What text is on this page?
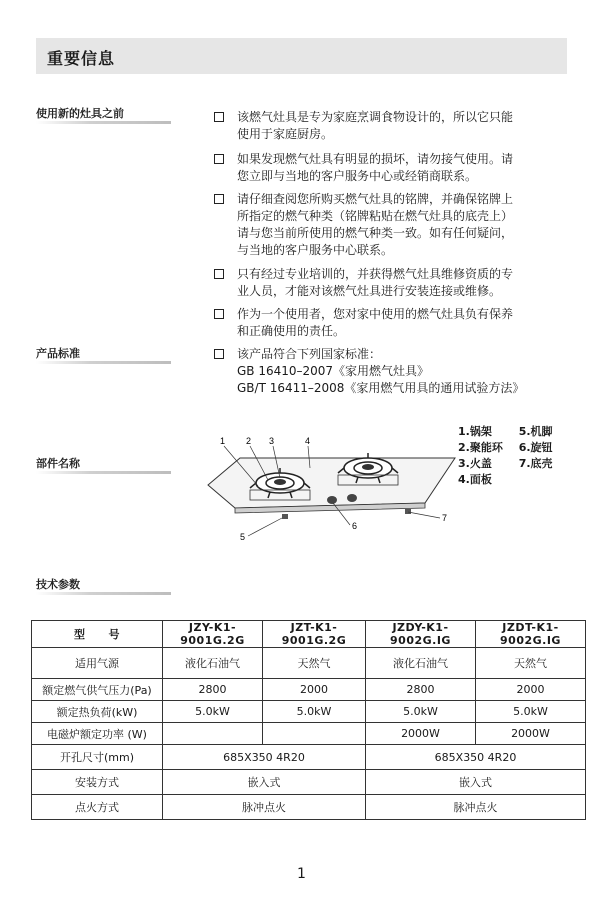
重要信息
使用新的灶具之前
产品标准
部件名称
技术参数
该燃气灶具是专为家庭烹调食物设计的，所以它只能
使用于家庭厨房。
如果发现燃气灶具有明显的损坏，请勿接气使用。请
您立即与当地的客户服务中心或经销商联系。
请仔细查阅您所购买燃气灶具的铭牌，并确保铭牌上
所指定的燃气种类（铭牌粘贴在燃气灶具的底壳上）
请与您当前所使用的燃气种类一致。如有任何疑问，
与当地的客户服务中心联系。
只有经过专业培训的，并获得燃气灶具维修资质的专
业人员，才能对该燃气灶具进行安装连接或维修。
作为一个使用者，您对家中使用的燃气灶具负有保养
和正确使用的责任。
该产品符合下列国家标准：
GB 16410–2007《家用燃气灶具》
GB/T 16411–2008《家用燃气用具的通用试验方法》
1 2 3	4
5
6
7
1.锅架
2.聚能环
3.火盖
4.面板

5.机脚
6.旋钮
7.底壳
型　　号	JZY-K1-9001G.2G	JZT-K1-9001G.2G	JZDY-K1-9002G.IG	JZDT-K1-9002G.IG
适用气源	液化石油气	天然气	液化石油气	天然气
额定燃气供气压力(Pa)	2800	2000	2800	2000
额定热负荷(kW)	5.0kW	5.0kW	5.0kW	5.0kW
电磁炉额定功率 (W)			2000W	2000W
开孔尺寸(mm)	685X350 4R20		685X350 4R20	
安装方式	嵌入式		嵌入式	
点火方式	脉冲点火		脉冲点火	
1
